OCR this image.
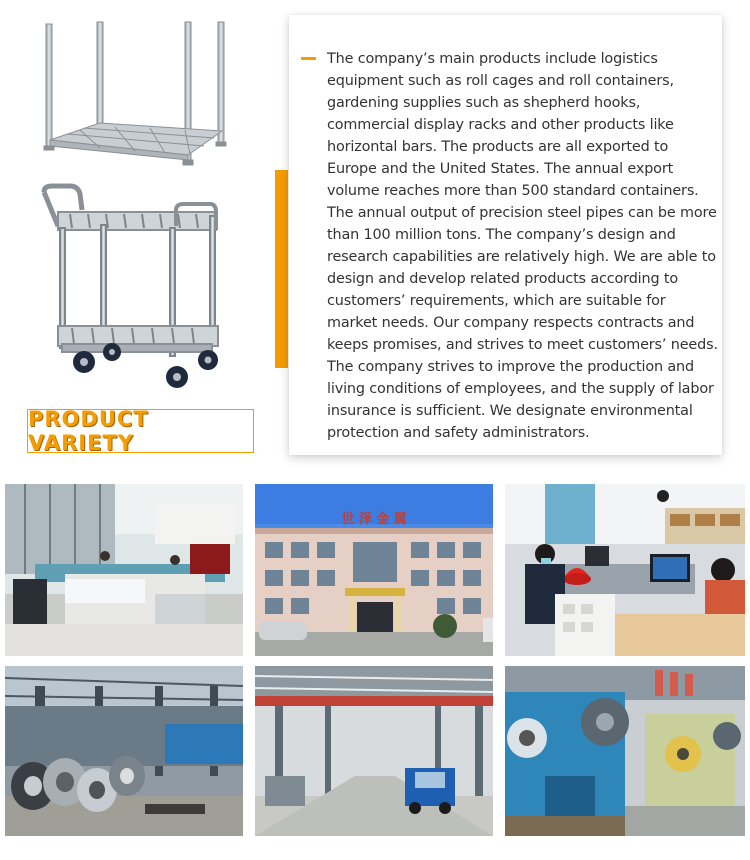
The company’s main products include logistics equipment such as roll cages and roll containers, gardening supplies such as shepherd hooks, commercial display racks and other products like horizontal bars. The products are all exported to Europe and the United States. The annual export volume reaches more than 500 standard containers. The annual output of precision steel pipes can be more than 100 million tons. The company’s design and research capabilities are relatively high. We are able to design and develop related products according to customers’ requirements, which are suitable for market needs. Our company respects contracts and keeps promises, and strives to meet customers’ needs. The company strives to improve the production and living conditions of employees, and the supply of labor insurance is sufficient. We designate environmental protection and safety administrators.

PRODUCT VARIETY
世 泽 金 属
